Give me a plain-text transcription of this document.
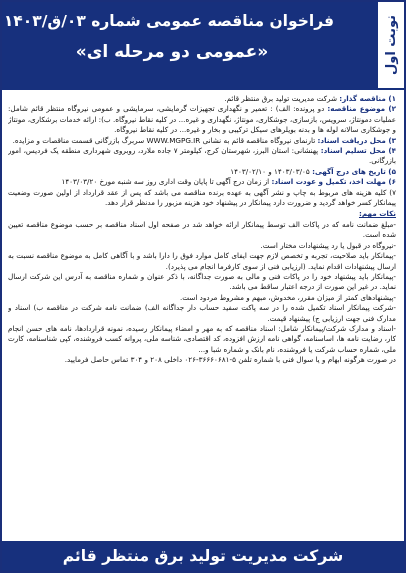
فراخوان مناقصه عمومی شماره ۰۳/ق/۱۴۰۳
«عمومی دو مرحله ای»	نوبت اول

۱) مناقصه گذار: شرکت مدیریت تولید برق منتظر قائم.

۲) موضوع مناقصه: دو پرونده: الف) : تعمیر و نگهداری تجهیزات گرمایشی، سرمایشی و عمومی نیروگاه منتظر قائم شامل: عملیات دمونتاژ، سرویس، بازسازی، جوشکاری، مونتاژ، نگهداری و غیره... در کلیه نقاط نیروگاه. ب): ارائه خدمات برشکاری، مونتاژ و جوشکاری سالانه لوله ها و بدنه بویلرهای سیکل ترکیبی و بخار و غیره... در کلیه نقاط نیروگاه.

۳) محل دریافت اسناد: تارنمای نیروگاه مناقصه قائم به نشانی WWW.MGPG.IR سربرگ بازرگانی قسمت مناقصات و مزایده.

۴) محل تسلیم اسناد: پهنشانی: استان البرز، شهرستان کرج، کیلومتر ۷ جاده ملارد، روبروی شهرداری منطقه یک فردیس، امور بازرگانی.

۵) تاریخ های درج آگهی: ۱۴۰۳/۰۳/۰۵ و ۱۴۰۳/۰۲/۱۰

۶) مهلت اخذ، تکمیل و عودت اسناد: از زمان درج آگهی تا پایان وقت اداری روز سه شنبه مورخ ۱۴۰۳/۰۳/۲۰

۷) کلیه هزینه های مربوط به چاپ و نشر آگهی به عهده برنده مناقصه می باشد که پس از عقد قرارداد از اولین صورت وضعیت پیمانکار کسر خواهد گردید و ضرورت دارد پیمانکار در پیشنهاد خود هزینه مزبور را مدنظر قرار دهد.

نکات مهم:

-مبلغ ضمانت نامه که در پاکات الف توسط پیمانکار ارائه خواهد شد در صفحه اول اسناد مناقصه بر حسب موضوع مناقصه تعیین شده است.

-نیروگاه در قبول یا رد پیشنهادات مختار است.

-پیمانکار باید صلاحیت، تجربه و تخصص لازم جهت ایفای کامل موارد فوق را دارا باشد و با آگاهی کامل به موضوع مناقصه نسبت به ارسال پیشنهادات اقدام نماید. (ارزیابی فنی از سوی کارفرما انجام می پذیرد).

-پیمانکار باید پیشنهاد خود را در پاکات فنی و مالی به صورت جداگانه، با ذکر عنوان و شماره مناقصه به آدرس این شرکت ارسال نماید. در غیر این صورت از درجه اعتبار ساقط می باشد.

-پیشنهادهای کمتر از میزان مقرر، مخدوش، مبهم و مشروط مردود است.

-شرکت پیمانکار اسناد تکمیل شده را در سه پاکت سفید حساب دار جداگانه الف) ضمانت نامه شرکت در مناقصه ب) اسناد و مدارک فنی جهت ارزیابی ج) پیشنهاد قیمت.

-اسناد و مدارک شرکت/پیمانکار شامل: اسناد مناقصه که به مهر و امضاء پیمانکار رسیده، نمونه قراردادها، نامه های حسن انجام کار، رضایت نامه ها، اساسنامه، گواهی نامه ارزش افزوده، کد اقتصادی، شناسه ملی، پروانه کسب فروشنده، کپی شناسنامه، کارت ملی، شماره حساب شرکت یا فروشنده، نام بانک و شماره شبا و...

در صورت هرگونه ابهام و یا سوال فنی با شماره تلفن ۵-۳۶۶۶۰۶۸۱-۰۲۶ داخلی ۲۰۸ و ۳۰۴ تماس حاصل فرمایید.

شرکت مدیریت تولید برق منتظر قائم
